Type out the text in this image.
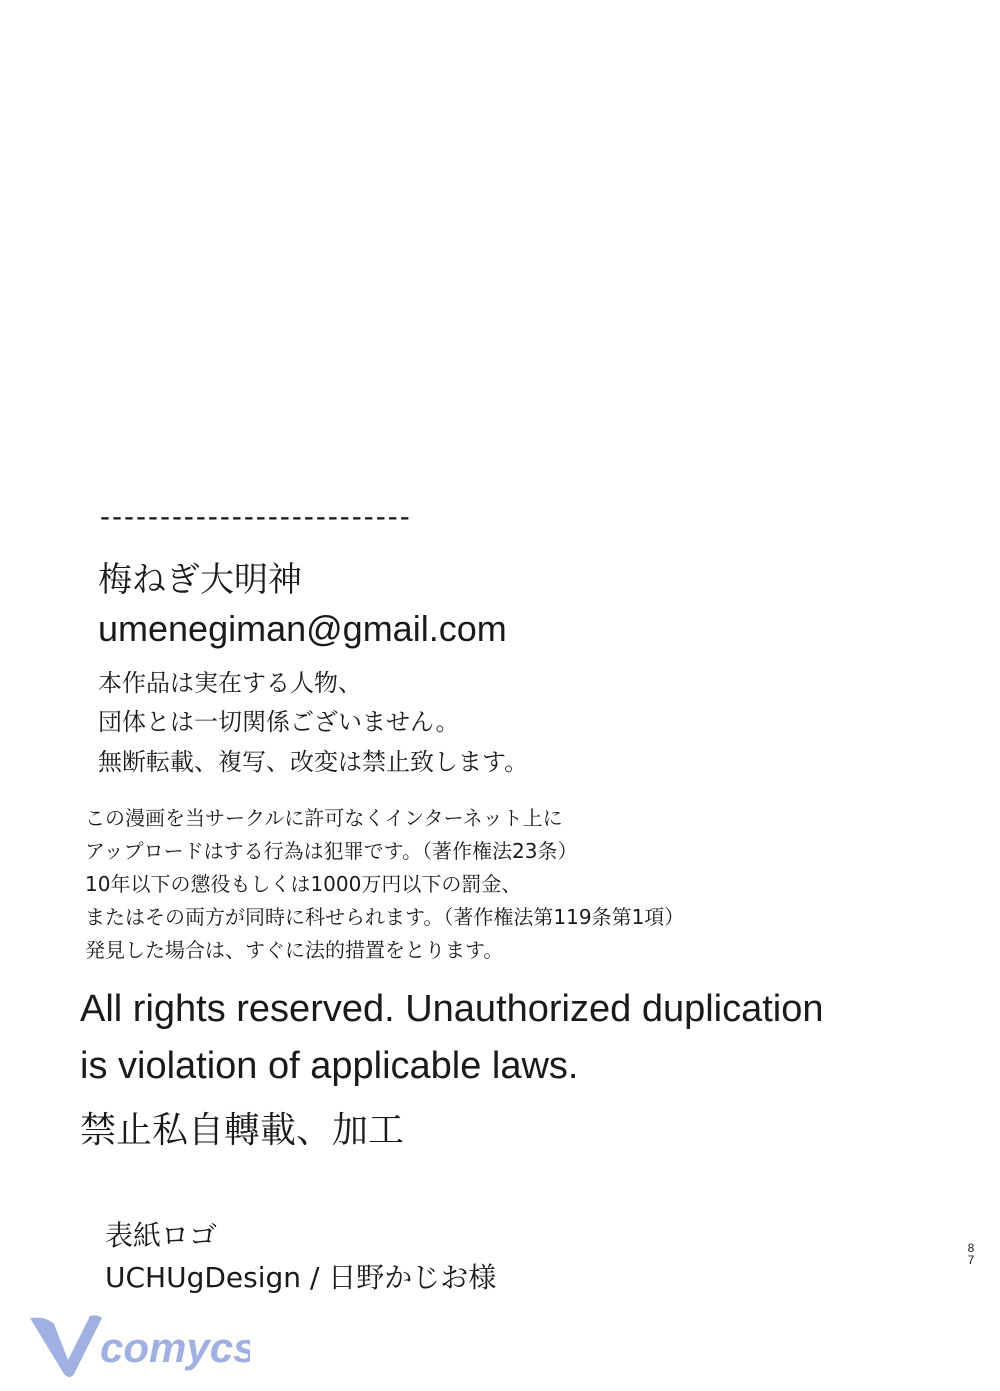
--------------------------
梅ねぎ大明神
umenegiman@gmail.com
本作品は実在する人物、
団体とは一切関係ございません。
無断転載、複写、改変は禁止致します。
この漫画を当サークルに許可なくインターネット上に
アップロードはする行為は犯罪です。（著作権法23条）
10年以下の懲役もしくは1000万円以下の罰金、
またはその両方が同時に科せられます。（著作権法第119条第1項）
発見した場合は、すぐに法的措置をとります。
All rights reserved. Unauthorized duplication
is violation of applicable laws.
禁止私自轉載、加工
表紙ロゴ
UCHUgDesign / 日野かじお様
8
7
comycs
